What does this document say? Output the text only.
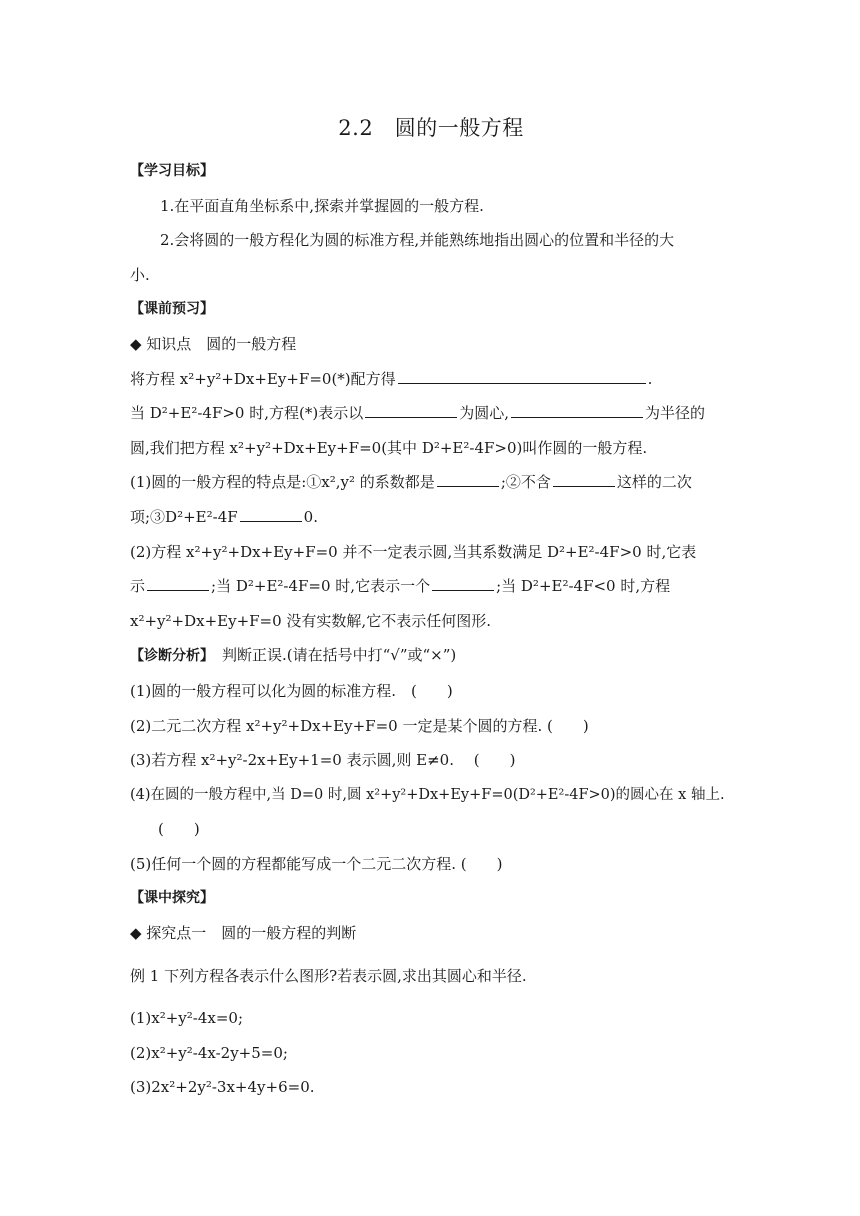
2.2　圆的一般方程

【学习目标】

1.在平面直角坐标系中,探索并掌握圆的一般方程.

2.会将圆的一般方程化为圆的标准方程,并能熟练地指出圆心的位置和半径的大

小.

【课前预习】

◆ 知识点　圆的一般方程

将方程 x²+y²+Dx+Ey+F=0(*)配方得	.

当 D²+E²-4F>0 时,方程(*)表示以	为圆心,	为半径的

圆,我们把方程 x²+y²+Dx+Ey+F=0(其中 D²+E²-4F>0)叫作圆的一般方程.

(1)圆的一般方程的特点是:①x²,y² 的系数都是	;②不含	这样的二次

项;③D²+E²-4F	0.

(2)方程 x²+y²+Dx+Ey+F=0 并不一定表示圆,当其系数满足 D²+E²-4F>0 时,它表

示	;当 D²+E²-4F=0 时,它表示一个	;当 D²+E²-4F<0 时,方程

x²+y²+Dx+Ey+F=0 没有实数解,它不表示任何图形.

【诊断分析】　判断正误.(请在括号中打“√”或“×”)

(1)圆的一般方程可以化为圆的标准方程.　(　　)

(2)二元二次方程 x²+y²+Dx+Ey+F=0 一定是某个圆的方程. (　　)

(3)若方程 x²+y²-2x+Ey+1=0 表示圆,则 E≠0.　 (　　)

(4)在圆的一般方程中,当 D=0 时,圆 x²+y²+Dx+Ey+F=0(D²+E²-4F>0)的圆心在 x 轴上.

(　　)

(5)任何一个圆的方程都能写成一个二元二次方程. (　　)

【课中探究】

◆ 探究点一　圆的一般方程的判断

例 1 下列方程各表示什么图形?若表示圆,求出其圆心和半径.

(1)x²+y²-4x=0;

(2)x²+y²-4x-2y+5=0;

(3)2x²+2y²-3x+4y+6=0.
